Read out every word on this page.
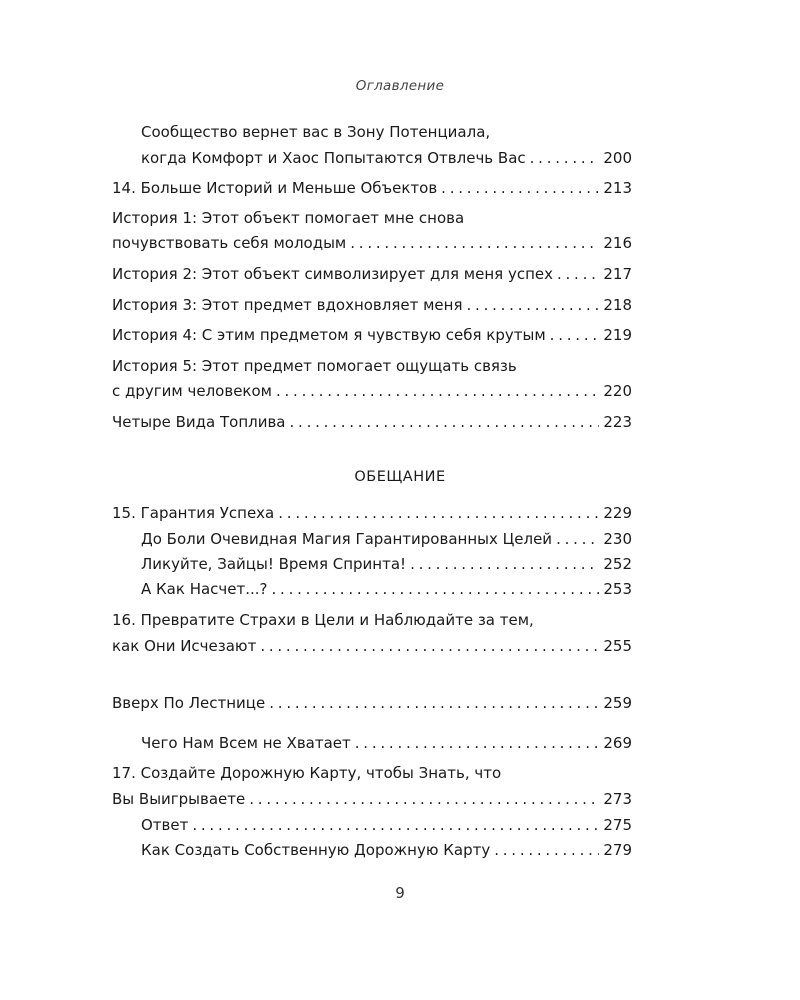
Оглавление
Сообщество вернет вас в Зону Потенциала,
когда Комфорт и Хаос Попытаются Отвлечь Вас . . .	200
14. Больше Историй и Меньше Объектов . . .	213
История 1: Этот объект помогает мне снова
почувствовать себя молодым . . .	216
История 2: Этот объект символизирует для меня успех . . .	217
История 3: Этот предмет вдохновляет меня . . .	218
История 4: С этим предметом я чувствую себя крутым . . .	219
История 5: Этот предмет помогает ощущать связь
с другим человеком . . .	220
Четыре Вида Топлива . . .	223
ОБЕЩАНИЕ
15. Гарантия Успеха . . .	229
До Боли Очевидная Магия Гарантированных Целей . . .	230
Ликуйте, Зайцы! Время Спринта! . . .	252
А Как Насчет...? . . .	253
16. Превратите Страхи в Цели и Наблюдайте за тем,
как Они Исчезают . . .	255
Вверх По Лестнице . . .	259
Чего Нам Всем не Хватает . . .	269
17. Создайте Дорожную Карту, чтобы Знать, что
Вы Выигрываете . . .	273
Ответ . . .	275
Как Создать Собственную Дорожную Карту . . .	279
9
